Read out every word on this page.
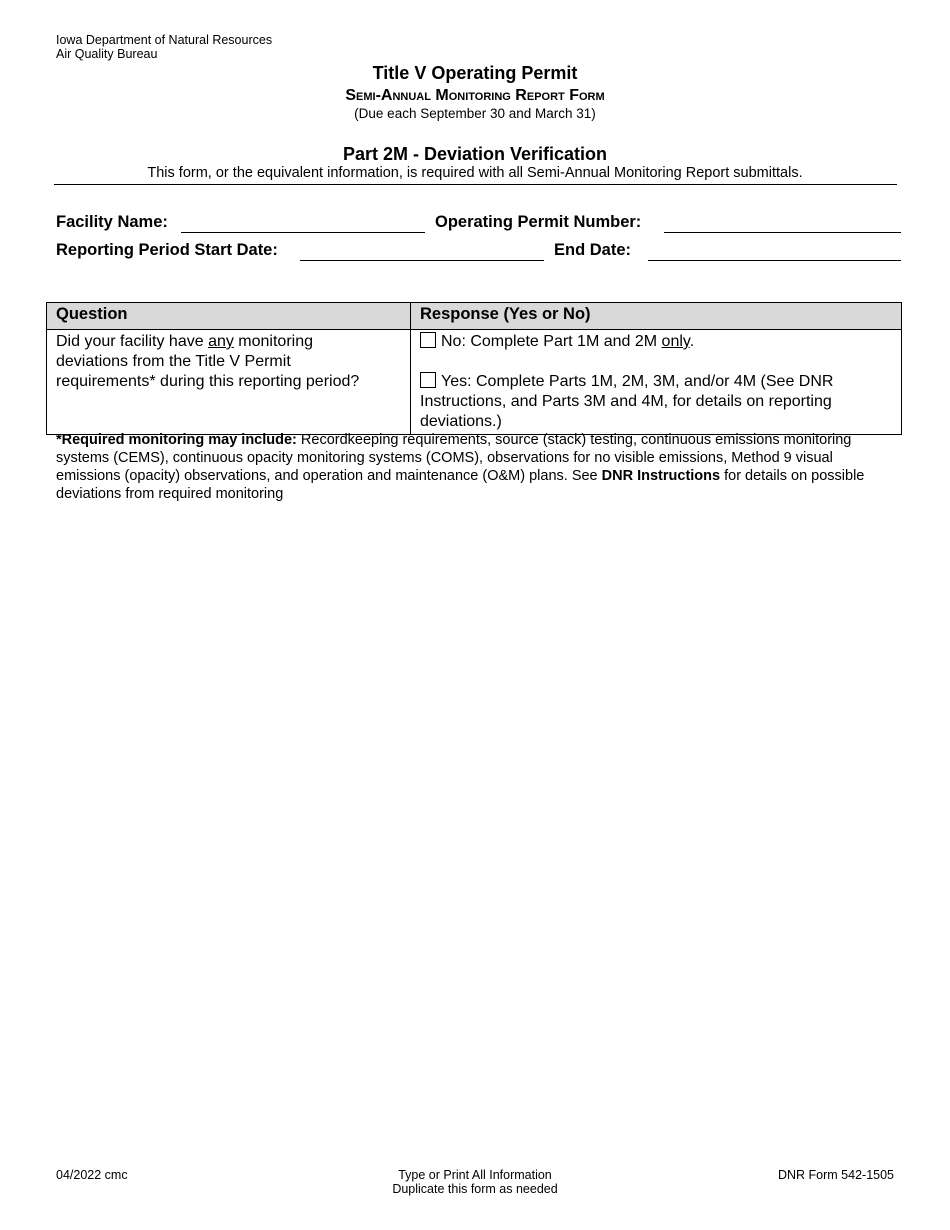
Iowa Department of Natural Resources
Air Quality Bureau
Title V Operating Permit
Semi-Annual Monitoring Report Form
(Due each September 30 and March 31)
Part 2M - Deviation Verification
This form, or the equivalent information, is required with all Semi-Annual Monitoring Report submittals.
Facility Name:	Operating Permit Number:
Reporting Period Start Date:	End Date:
Question	Response (Yes or No)
Did your facility have any monitoring deviations from the Title V Permit requirements* during this reporting period?	No: Complete Part 1M and 2M only.

Yes: Complete Parts 1M, 2M, 3M, and/or 4M (See DNR Instructions, and Parts 3M and 4M, for details on reporting deviations.)

*Required monitoring may include: Recordkeeping requirements, source (stack) testing, continuous emissions monitoring systems (CEMS), continuous opacity monitoring systems (COMS), observations for no visible emissions, Method 9 visual emissions (opacity) observations, and operation and maintenance (O&M) plans. See DNR Instructions for details on possible deviations from required monitoring
04/2022 cmc	Type or Print All Information
Duplicate this form as needed
DNR Form 542-1505
